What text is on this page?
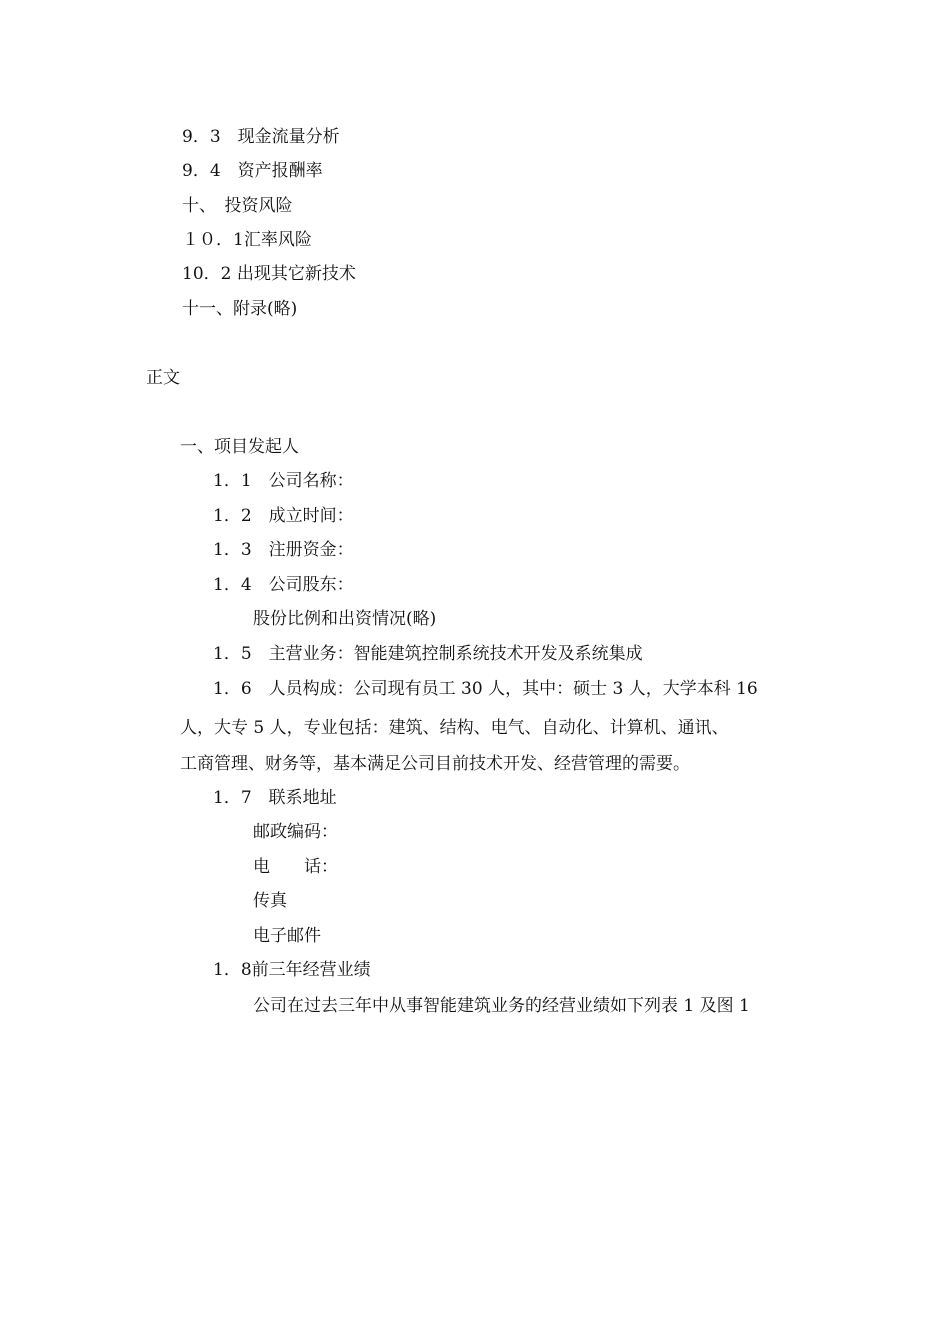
9．3　现金流量分析
9．4　资产报酬率
十、　投资风险
１０．1汇率风险
10．2 出现其它新技术
十一、附录(略)
正文
一、项目发起人
1．1　公司名称：
1．2　成立时间：
1．3　注册资金：
1．4　公司股东：
股份比例和出资情况(略)
1．5　主营业务：智能建筑控制系统技术开发及系统集成
1．6　人员构成：公司现有员工 30 人，其中：硕士 3 人，大学本科 16
人，大专 5 人，专业包括：建筑、结构、电气、自动化、计算机、通讯、
工商管理、财务等，基本满足公司目前技术开发、经营管理的需要。
1．7　联系地址
邮政编码：
电　　话：
传真
电子邮件
1．8前三年经营业绩
公司在过去三年中从事智能建筑业务的经营业绩如下列表 1 及图 1
